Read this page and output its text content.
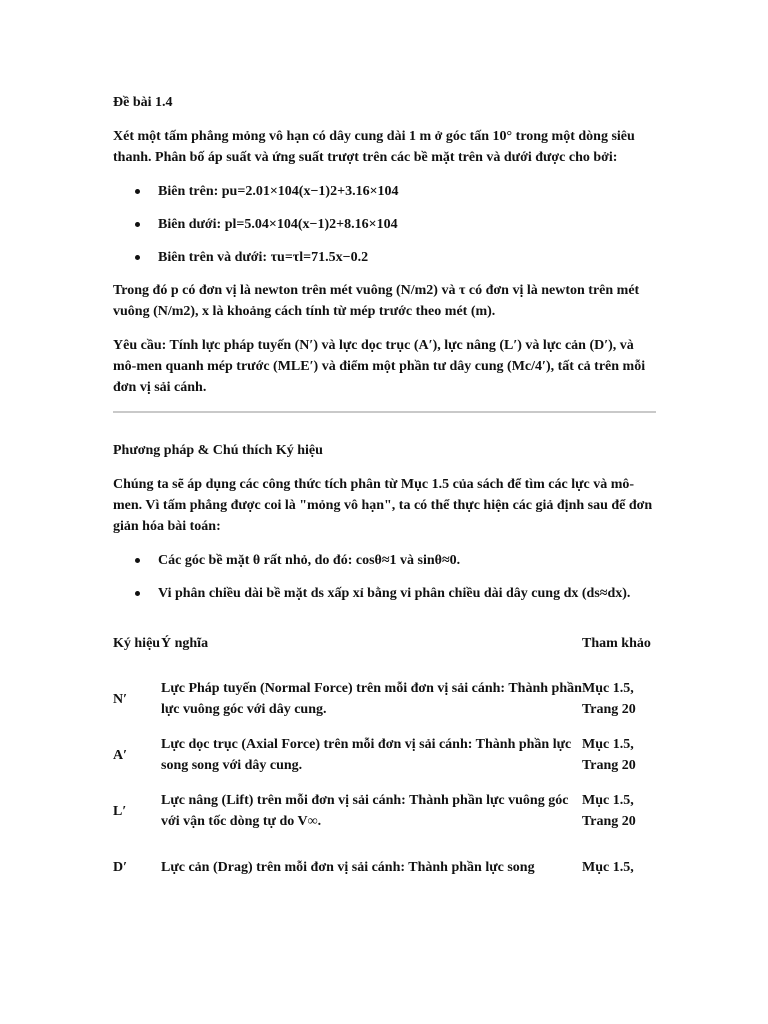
Đề bài 1.4

Xét một tấm phẳng mỏng vô hạn có dây cung dài 1 m ở góc tấn 10° trong một dòng siêu thanh. Phân bố áp suất và ứng suất trượt trên các bề mặt trên và dưới được cho bởi:

Biên trên: pu=2.01×104(x−1)2+3.16×104
Biên dưới: pl=5.04×104(x−1)2+8.16×104
Biên trên và dưới: τu=τl=71.5x−0.2

Trong đó p có đơn vị là newton trên mét vuông (N/m2) và τ có đơn vị là newton trên mét vuông (N/m2), x là khoảng cách tính từ mép trước theo mét (m).

Yêu cầu: Tính lực pháp tuyến (N′) và lực dọc trục (A′), lực nâng (L′) và lực cản (D′), và mô-men quanh mép trước (MLE′) và điểm một phần tư dây cung (Mc/4′), tất cả trên mỗi đơn vị sải cánh.

Phương pháp & Chú thích Ký hiệu

Chúng ta sẽ áp dụng các công thức tích phân từ Mục 1.5 của sách để tìm các lực và mô-men. Vì tấm phẳng được coi là "mỏng vô hạn", ta có thể thực hiện các giả định sau để đơn giản hóa bài toán:

Các góc bề mặt θ rất nhỏ, do đó: cosθ≈1 và sinθ≈0.
Vi phân chiều dài bề mặt ds xấp xỉ bằng vi phân chiều dài dây cung dx (ds≈dx).
Ký hiệu	Ý nghĩa	Tham khảo
N′	Lực Pháp tuyến (Normal Force) trên mỗi đơn vị sải cánh: Thành phần lực vuông góc với dây cung.	Mục 1.5, Trang 20
A′	Lực dọc trục (Axial Force) trên mỗi đơn vị sải cánh: Thành phần lực song song với dây cung.	Mục 1.5, Trang 20
L′	Lực nâng (Lift) trên mỗi đơn vị sải cánh: Thành phần lực vuông góc với vận tốc dòng tự do V∞.	Mục 1.5, Trang 20
D′	Lực cản (Drag) trên mỗi đơn vị sải cánh: Thành phần lực song	Mục 1.5,
